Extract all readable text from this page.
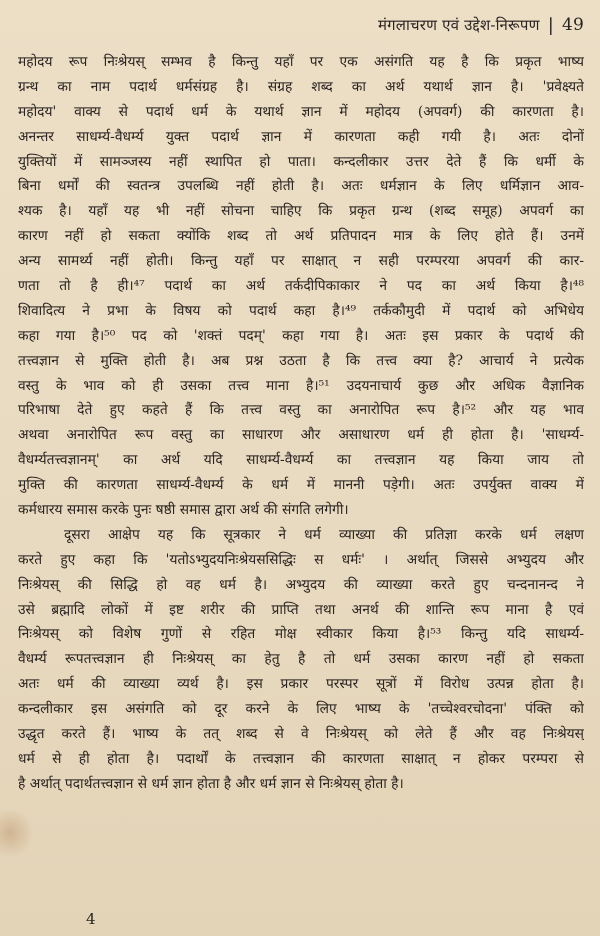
मंगलाचरण एवं उद्देश-निरूपण | 49
महोदय रूप निःश्रेयस् सम्भव है किन्तु यहाँ पर एक असंगति यह है कि प्रकृत भाष्य
ग्रन्थ का नाम पदार्थ धर्मसंग्रह है। संग्रह शब्द का अर्थ यथार्थ ज्ञान है। 'प्रवेक्ष्यते
महोदय' वाक्य से पदार्थ धर्म के यथार्थ ज्ञान में महोदय (अपवर्ग) की कारणता है।
अनन्तर साधर्म्य-वैधर्म्य युक्त पदार्थ ज्ञान में कारणता कही गयी है। अतः दोनों
युक्तियों में सामञ्जस्य नहीं स्थापित हो पाता। कन्दलीकार उत्तर देते हैं कि धर्मी के
बिना धर्मों की स्वतन्त्र उपलब्धि नहीं होती है। अतः धर्मज्ञान के लिए धर्मिज्ञान आव-
श्यक है। यहाँ यह भी नहीं सोचना चाहिए कि प्रकृत ग्रन्थ (शब्द समूह) अपवर्ग का
कारण नहीं हो सकता क्योंकि शब्द तो अर्थ प्रतिपादन मात्र के लिए होते हैं। उनमें
अन्य सामर्थ्य नहीं होती। किन्तु यहाँ पर साक्षात् न सही परम्परया अपवर्ग की कार-
णता तो है ही।⁴⁷ पदार्थ का अर्थ तर्कदीपिकाकार ने पद का अर्थ किया है।⁴⁸
शिवादित्य ने प्रभा के विषय को पदार्थ कहा है।⁴⁹ तर्ककौमुदी में पदार्थ को अभिधेय
कहा गया है।⁵⁰ पद को 'शक्तं पदम्' कहा गया है। अतः इस प्रकार के पदार्थ की
तत्त्वज्ञान से मुक्ति होती है। अब प्रश्न उठता है कि तत्त्व क्या है? आचार्य ने प्रत्येक
वस्तु के भाव को ही उसका तत्त्व माना है।⁵¹ उदयनाचार्य कुछ और अधिक वैज्ञानिक
परिभाषा देते हुए कहते हैं कि तत्त्व वस्तु का अनारोपित रूप है।⁵² और यह भाव
अथवा अनारोपित रूप वस्तु का साधारण और असाधारण धर्म ही होता है। 'साधर्म्य-
वैधर्म्यतत्त्वज्ञानम्' का अर्थ यदि साधर्म्य-वैधर्म्य का तत्त्वज्ञान यह किया जाय तो
मुक्ति की कारणता साधर्म्य-वैधर्म्य के धर्म में माननी पड़ेगी। अतः उपर्युक्त वाक्य में
कर्मधारय समास करके पुनः षष्ठी समास द्वारा अर्थ की संगति लगेगी।
दूसरा आक्षेप यह कि सूत्रकार ने धर्म व्याख्या की प्रतिज्ञा करके धर्म लक्षण
करते हुए कहा कि 'यतोऽभ्युदयनिःश्रेयससिद्धिः स धर्मः' । अर्थात् जिससे अभ्युदय और
निःश्रेयस् की सिद्धि हो वह धर्म है। अभ्युदय की व्याख्या करते हुए चन्दनानन्द ने
उसे ब्रह्मादि लोकों में इष्ट शरीर की प्राप्ति तथा अनर्थ की शान्ति रूप माना है एवं
निःश्रेयस् को विशेष गुणों से रहित मोक्ष स्वीकार किया है।⁵³ किन्तु यदि साधर्म्य-
वैधर्म्य रूपतत्त्वज्ञान ही निःश्रेयस् का हेतु है तो धर्म उसका कारण नहीं हो सकता
अतः धर्म की व्याख्या व्यर्थ है। इस प्रकार परस्पर सूत्रों में विरोध उत्पन्न होता है।
कन्दलीकार इस असंगति को दूर करने के लिए भाष्य के 'तच्चेश्वरचोदना' पंक्ति को
उद्धृत करते हैं। भाष्य के तत् शब्द से वे निःश्रेयस् को लेते हैं और वह निःश्रेयस्
धर्म से ही होता है। पदार्थों के तत्त्वज्ञान की कारणता साक्षात् न होकर परम्परा से
है अर्थात् पदार्थतत्त्वज्ञान से धर्म ज्ञान होता है और धर्म ज्ञान से निःश्रेयस् होता है।
4
